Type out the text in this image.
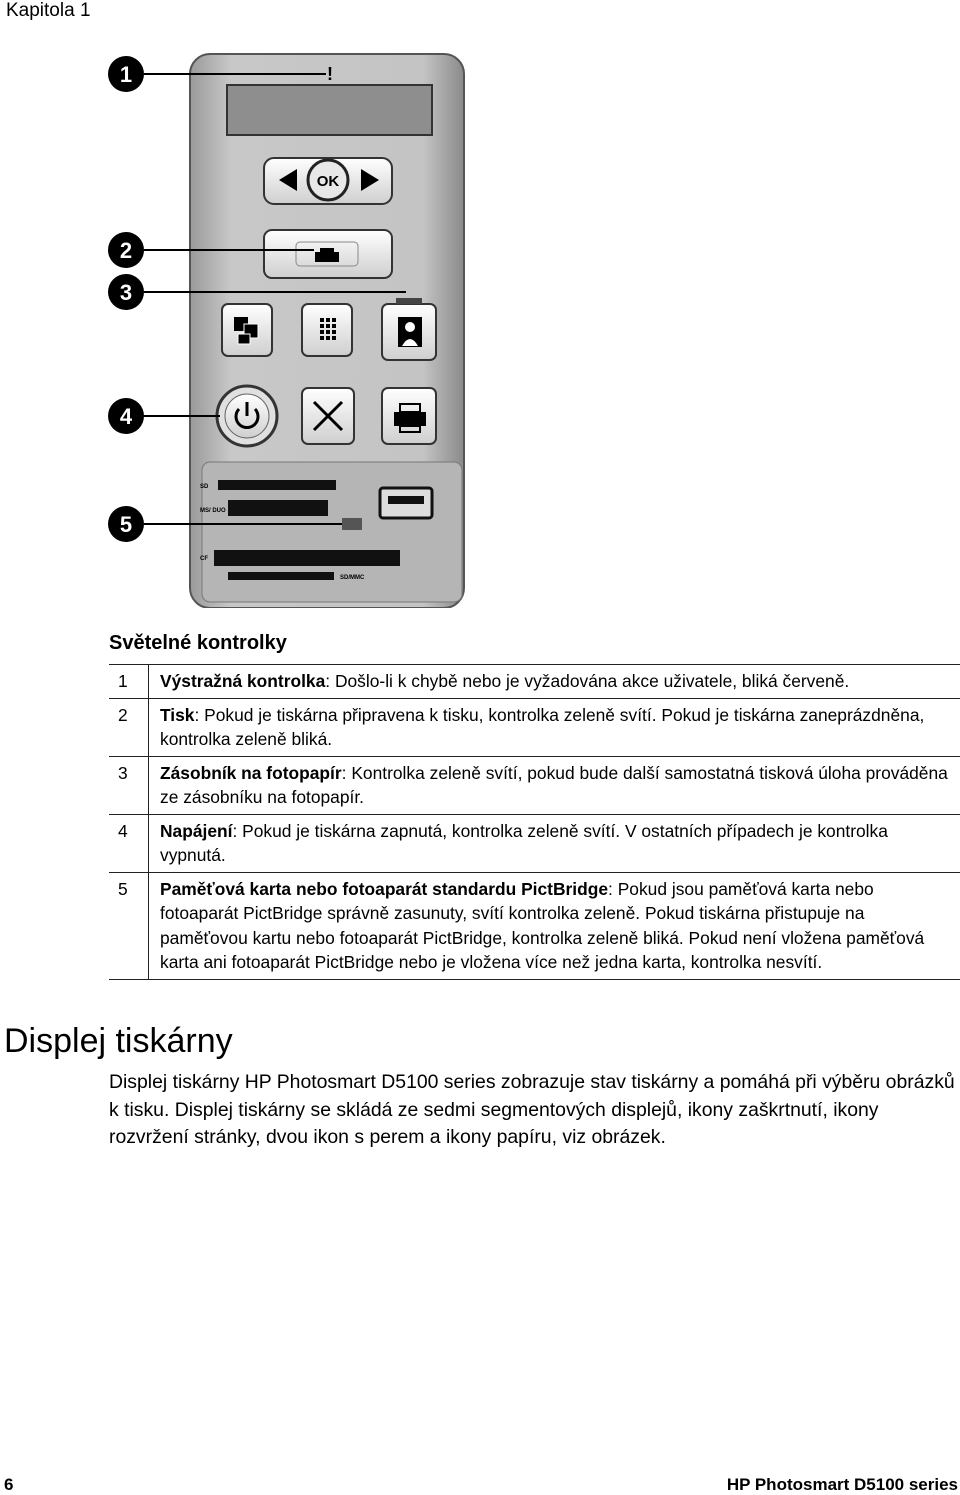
Kapitola 1
!
OK
SD
MS/ DUO
CF
SD/MMC
1
2
3
4
5
Světelné kontrolky
1	Výstražná kontrolka: Došlo-li k chybě nebo je vyžadována akce uživatele, bliká červeně.
2	Tisk: Pokud je tiskárna připravena k tisku, kontrolka zeleně svítí. Pokud je tiskárna zaneprázdněna, kontrolka zeleně bliká.
3	Zásobník na fotopapír: Kontrolka zeleně svítí, pokud bude další samostatná tisková úloha prováděna ze zásobníku na fotopapír.
4	Napájení: Pokud je tiskárna zapnutá, kontrolka zeleně svítí. V ostatních případech je kontrolka vypnutá.
5	Paměťová karta nebo fotoaparát standardu PictBridge: Pokud jsou paměťová karta nebo fotoaparát PictBridge správně zasunuty, svítí kontrolka zeleně. Pokud tiskárna přistupuje na paměťovou kartu nebo fotoaparát PictBridge, kontrolka zeleně bliká. Pokud není vložena paměťová karta ani fotoaparát PictBridge nebo je vložena více než jedna karta, kontrolka nesvítí.
Displej tiskárny
Displej tiskárny HP Photosmart D5100 series zobrazuje stav tiskárny a pomáhá při výběru obrázků k tisku. Displej tiskárny se skládá ze sedmi segmentových displejů, ikony zaškrtnutí, ikony rozvržení stránky, dvou ikon s perem a ikony papíru, viz obrázek.
6	HP Photosmart D5100 series
